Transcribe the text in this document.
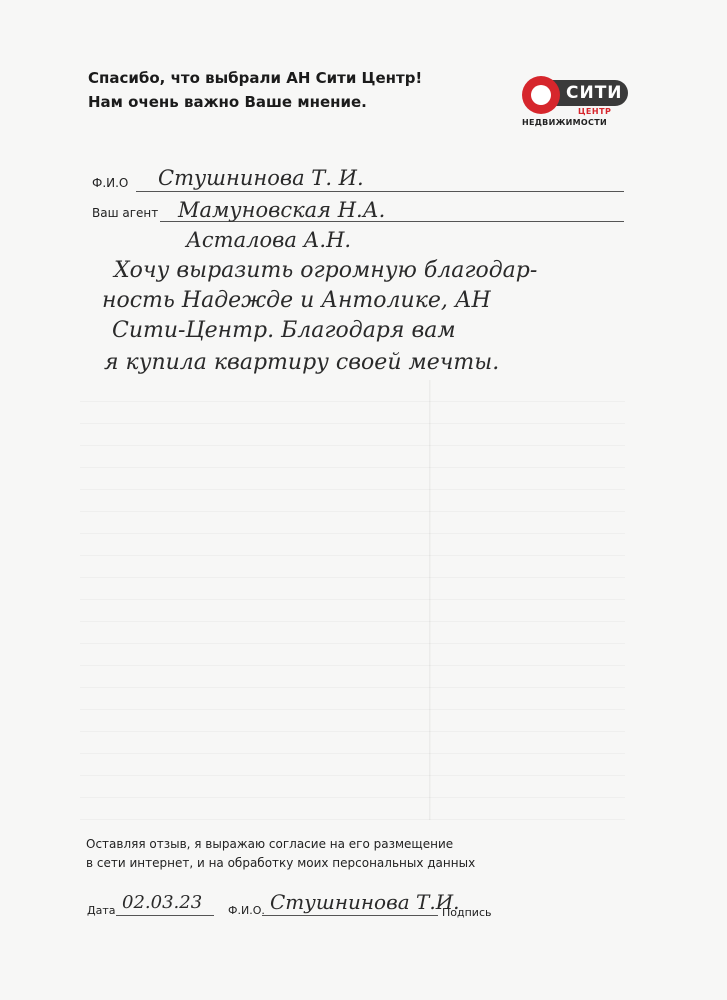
Спасибо, что выбрали АН Сити Центр!
Нам очень важно Ваше мнение.	СИТИ
ЦЕНТР
НЕДВИЖИМОСТИ
Ф.И.О Стушнинова Т. И.
Ваш агент Мамуновская Н.А.
Асталова А.Н.
Хочу выразить огромную благодар-
ность Надежде и Антолике, АН
Сити-Центр. Благодаря вам
я купила квартиру своей мечты.
Оставляя отзыв, я выражаю согласие на его размещение
в сети интернет, и на обработку моих персональных данных
Дата 02.03.23 Ф.И.О. Стушнинова Т.И.
Подпись
